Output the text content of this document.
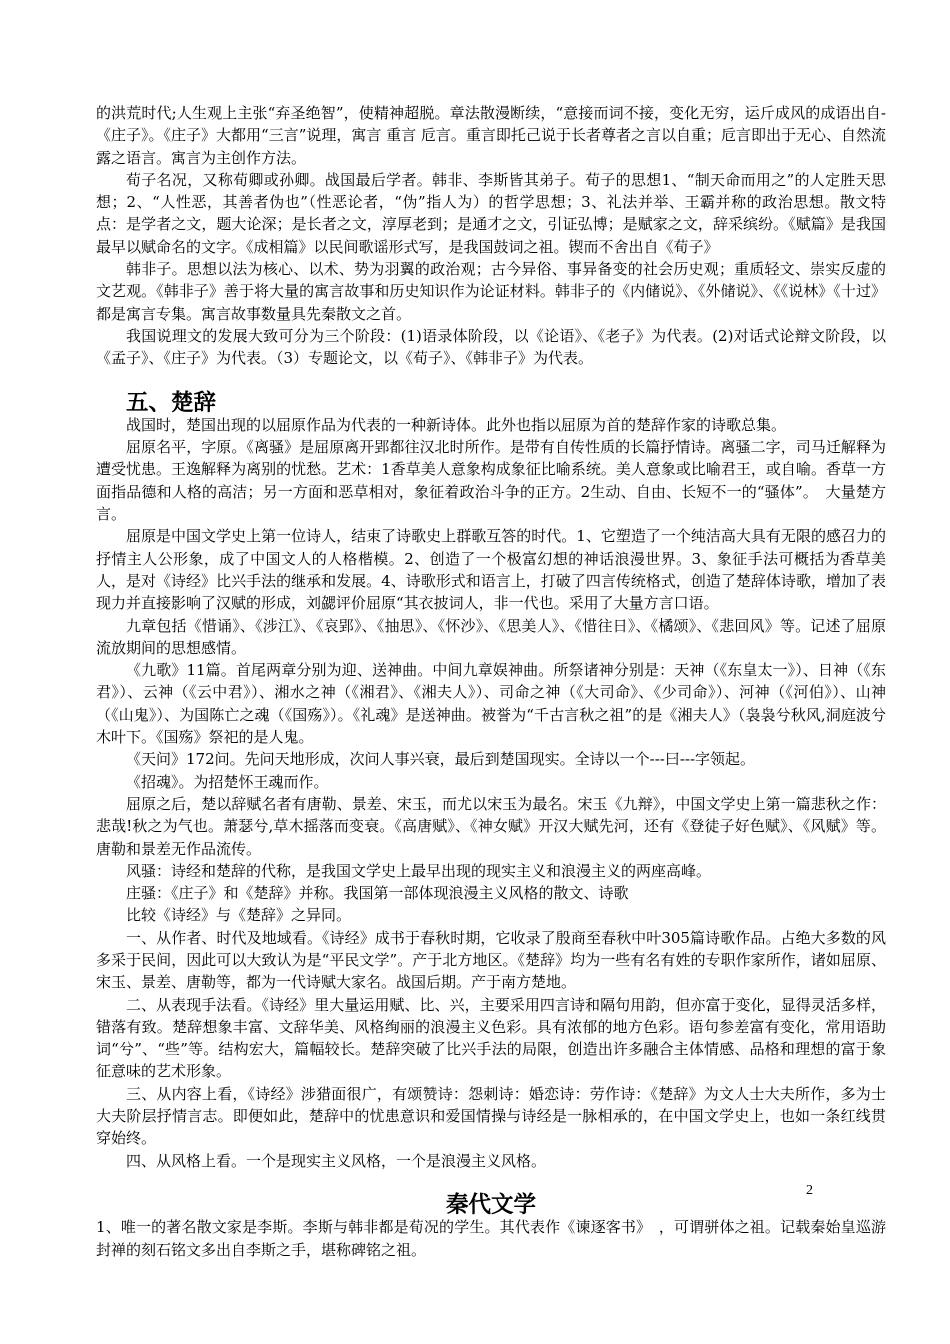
的洪荒时代;人生观上主张“弃圣绝智”，使精神超脱。章法散漫断续，“意接而词不接，变化无穷，运斤成风的成语出自-《庄子》。《庄子》大都用“三言”说理，寓言 重言 卮言。重言即托己说于长者尊者之言以自重；卮言即出于无心、自然流露之语言。寓言为主创作方法。

荀子名况，又称荀卿或孙卿。战国最后学者。韩非、李斯皆其弟子。荀子的思想1、“制天命而用之”的人定胜天思想；2、“人性恶，其善者伪也”（性恶论者，“伪”指人为）的哲学思想；3、礼法并举、王霸并称的政治思想。散文特点：是学者之文，题大论深；是长者之文，淳厚老到；是通才之文，引证弘博；是赋家之文，辞采缤纷。《赋篇》是我国最早以赋命名的文字。《成相篇》以民间歌谣形式写，是我国鼓词之祖。锲而不舍出自《荀子》

韩非子。思想以法为核心、以术、势为羽翼的政治观；古今异俗、事异备变的社会历史观；重质轻文、崇实反虚的文艺观。《韩非子》善于将大量的寓言故事和历史知识作为论证材料。韩非子的《内储说》、《外储说》、《《说林》《十过》都是寓言专集。寓言故事数量具先秦散文之首。

我国说理文的发展大致可分为三个阶段：(1)语录体阶段，以《论语》、《老子》为代表。(2)对话式论辩文阶段，以《孟子》、《庄子》为代表。（3）专题论文，以《荀子》、《韩非子》为代表。

五、楚辞

战国时，楚国出现的以屈原作品为代表的一种新诗体。此外也指以屈原为首的楚辞作家的诗歌总集。

屈原名平，字原。《离骚》是屈原离开郢都往汉北时所作。是带有自传性质的长篇抒情诗。离骚二字，司马迁解释为遭受忧患。王逸解释为离别的忧愁。艺术：1香草美人意象构成象征比喻系统。美人意象或比喻君王，或自喻。香草一方面指品德和人格的高洁；另一方面和恶草相对，象征着政治斗争的正方。2生动、自由、长短不一的“骚体”。　大量楚方言。

屈原是中国文学史上第一位诗人，结束了诗歌史上群歌互答的时代。1、它塑造了一个纯洁高大具有无限的感召力的抒情主人公形象，成了中国文人的人格楷模。2、创造了一个极富幻想的神话浪漫世界。3、象征手法可概括为香草美人，是对《诗经》比兴手法的继承和发展。4、诗歌形式和语言上，打破了四言传统格式，创造了楚辞体诗歌，增加了表现力并直接影响了汉赋的形成，刘勰评价屈原“其衣披词人，非一代也。采用了大量方言口语。

九章包括《惜诵》、《涉江》、《哀郢》、《抽思》、《怀沙》、《思美人》、《惜往日》、《橘颂》、《悲回风》等。记述了屈原流放期间的思想感情。

《九歌》11篇。首尾两章分别为迎、送神曲。中间九章娱神曲。所祭诸神分别是：天神（《东皇太一》）、日神（《东君》）、云神（《云中君》）、湘水之神（《湘君》、《湘夫人》）、司命之神（《大司命》、《少司命》）、河神（《河伯》）、山神（《山鬼》）、为国陈亡之魂（《国殇》）。《礼魂》是送神曲。被誉为“千古言秋之祖”的是《湘夫人》（袅袅兮秋风,洞庭波兮木叶下。《国殇》祭祀的是人鬼。

《天问》172问。先问天地形成，次问人事兴衰，最后到楚国现实。全诗以一个---曰---字领起。

《招魂》。为招楚怀王魂而作。

屈原之后，楚以辞赋名者有唐勒、景差、宋玉，而尤以宋玉为最名。宋玉《九辩》，中国文学史上第一篇悲秋之作：悲哉!秋之为气也。萧瑟兮,草木摇落而变衰。《高唐赋》、《神女赋》开汉大赋先河，还有《登徒子好色赋》、《风赋》等。唐勒和景差无作品流传。

风骚：诗经和楚辞的代称，是我国文学史上最早出现的现实主义和浪漫主义的两座高峰。

庄骚：《庄子》和《楚辞》并称。我国第一部体现浪漫主义风格的散文、诗歌

比较《诗经》与《楚辞》之异同。

一、从作者、时代及地域看。《诗经》成书于春秋时期，它收录了殷商至春秋中叶305篇诗歌作品。占绝大多数的风多采于民间，因此可以大致认为是“平民文学”。产于北方地区。《楚辞》均为一些有名有姓的专职作家所作，诸如屈原、宋玉、景差、唐勒等，都为一代诗赋大家名。战国后期。产于南方楚地。

二、从表现手法看。《诗经》里大量运用赋、比、兴，主要采用四言诗和隔句用韵，但亦富于变化，显得灵活多样，错落有致。楚辞想象丰富、文辞华美、风格绚丽的浪漫主义色彩。具有浓郁的地方色彩。语句参差富有变化，常用语助词“兮”、“些”等。结构宏大，篇幅较长。楚辞突破了比兴手法的局限，创造出许多融合主体情感、品格和理想的富于象征意味的艺术形象。

三、从内容上看，《诗经》涉猎面很广，有颂赞诗：怨刺诗：婚恋诗：劳作诗：《楚辞》为文人士大夫所作，多为士大夫阶层抒情言志。即便如此，楚辞中的忧患意识和爱国情操与诗经是一脉相承的，在中国文学史上，也如一条红线贯穿始终。

四、从风格上看。一个是现实主义风格，一个是浪漫主义风格。

秦代文学

1、唯一的著名散文家是李斯。李斯与韩非都是荀况的学生。其代表作《谏逐客书》　，可谓骈体之祖。记载秦始皇巡游封禅的刻石铭文多出自李斯之手，堪称碑铭之祖。

2
